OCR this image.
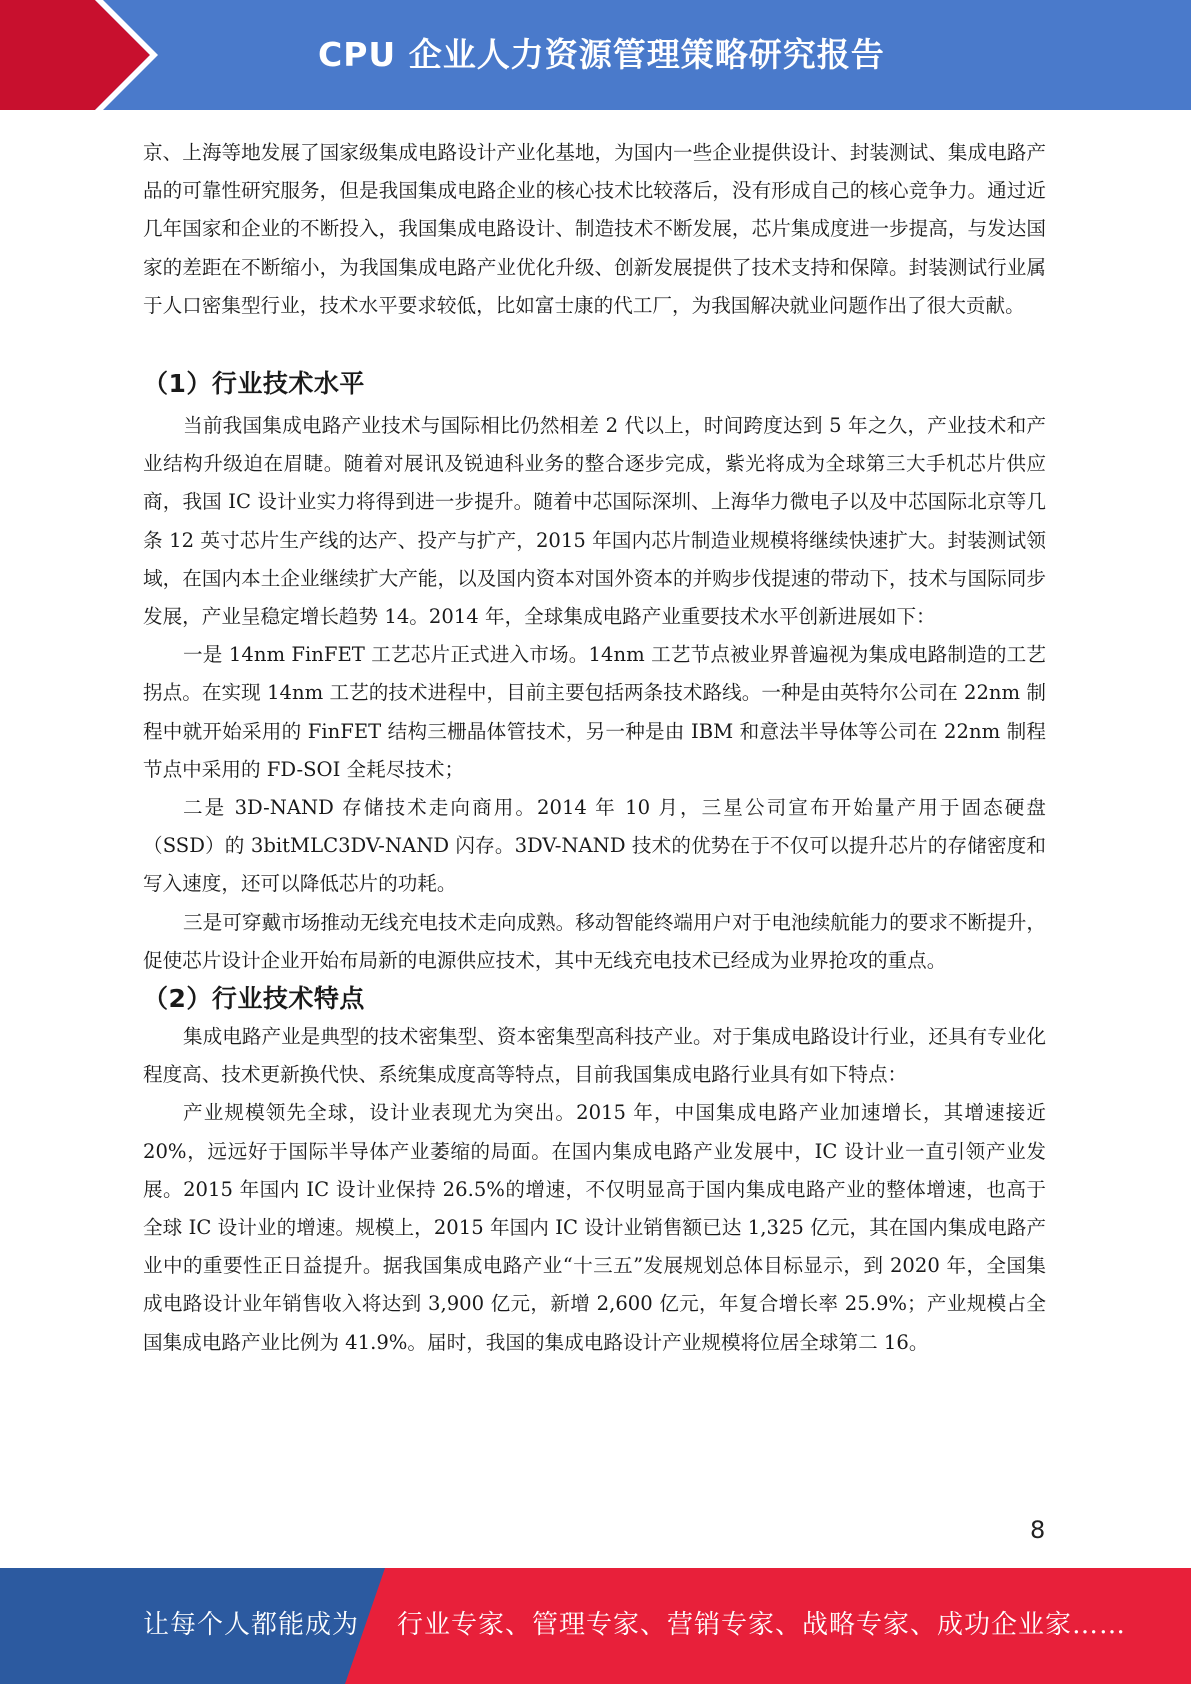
CPU 企业人力资源管理策略研究报告

京、上海等地发展了国家级集成电路设计产业化基地，为国内一些企业提供设计、封装测试、集成电路产品的可靠性研究服务，但是我国集成电路企业的核心技术比较落后，没有形成自己的核心竞争力。通过近几年国家和企业的不断投入，我国集成电路设计、制造技术不断发展，芯片集成度进一步提高，与发达国家的差距在不断缩小，为我国集成电路产业优化升级、创新发展提供了技术支持和保障。封装测试行业属于人口密集型行业，技术水平要求较低，比如富士康的代工厂，为我国解决就业问题作出了很大贡献。

（1）行业技术水平

当前我国集成电路产业技术与国际相比仍然相差 2 代以上，时间跨度达到 5 年之久，产业技术和产业结构升级迫在眉睫。随着对展讯及锐迪科业务的整合逐步完成，紫光将成为全球第三大手机芯片供应商，我国 IC 设计业实力将得到进一步提升。随着中芯国际深圳、上海华力微电子以及中芯国际北京等几条 12 英寸芯片生产线的达产、投产与扩产，2015 年国内芯片制造业规模将继续快速扩大。封装测试领域，在国内本土企业继续扩大产能，以及国内资本对国外资本的并购步伐提速的带动下，技术与国际同步发展，产业呈稳定增长趋势 14。2014 年，全球集成电路产业重要技术水平创新进展如下：

一是 14nm FinFET 工艺芯片正式进入市场。14nm 工艺节点被业界普遍视为集成电路制造的工艺拐点。在实现 14nm 工艺的技术进程中，目前主要包括两条技术路线。一种是由英特尔公司在 22nm 制程中就开始采用的 FinFET 结构三栅晶体管技术，另一种是由 IBM 和意法半导体等公司在 22nm 制程节点中采用的 FD-SOI 全耗尽技术；

二是 3D-NAND 存储技术走向商用。2014 年 10 月，三星公司宣布开始量产用于固态硬盘（SSD）的 3bitMLC3DV-NAND 闪存。3DV-NAND 技术的优势在于不仅可以提升芯片的存储密度和写入速度，还可以降低芯片的功耗。

三是可穿戴市场推动无线充电技术走向成熟。移动智能终端用户对于电池续航能力的要求不断提升，促使芯片设计企业开始布局新的电源供应技术，其中无线充电技术已经成为业界抢攻的重点。

（2）行业技术特点

集成电路产业是典型的技术密集型、资本密集型高科技产业。对于集成电路设计行业，还具有专业化程度高、技术更新换代快、系统集成度高等特点，目前我国集成电路行业具有如下特点：

产业规模领先全球，设计业表现尤为突出。2015 年，中国集成电路产业加速增长，其增速接近 20%，远远好于国际半导体产业萎缩的局面。在国内集成电路产业发展中，IC 设计业一直引领产业发展。2015 年国内 IC 设计业保持 26.5%的增速，不仅明显高于国内集成电路产业的整体增速，也高于全球 IC 设计业的增速。规模上，2015 年国内 IC 设计业销售额已达 1,325 亿元，其在国内集成电路产业中的重要性正日益提升。据我国集成电路产业“十三五”发展规划总体目标显示，到 2020 年，全国集成电路设计业年销售收入将达到 3,900 亿元，新增 2,600 亿元，年复合增长率 25.9%；产业规模占全国集成电路产业比例为 41.9%。届时，我国的集成电路设计产业规模将位居全球第二 16。

8
让每个人都能成为 行业专家、管理专家、营销专家、战略专家、成功企业家……
